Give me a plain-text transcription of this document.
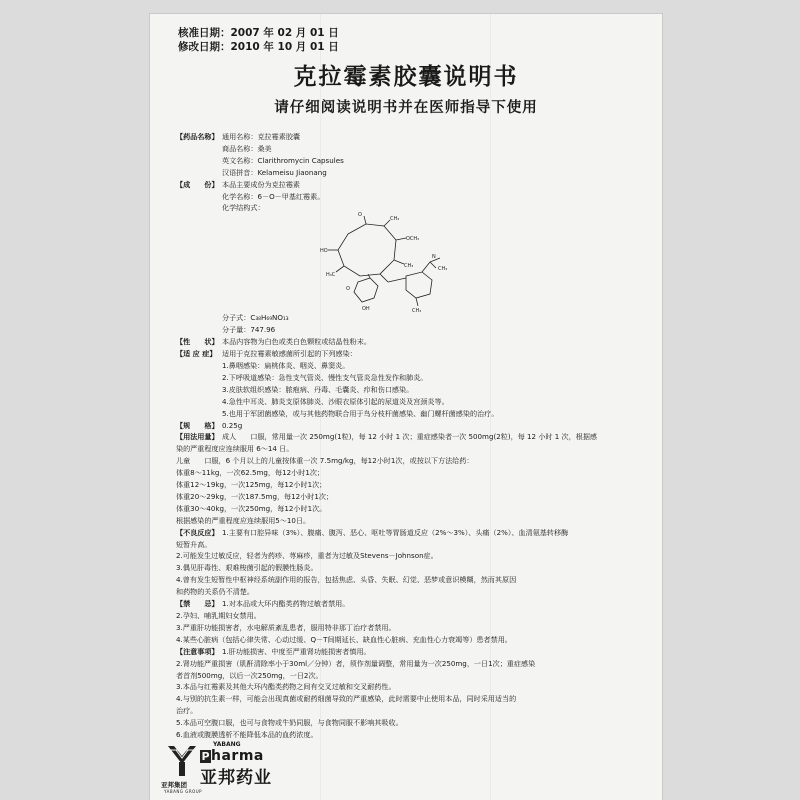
核准日期：2007 年 02 月 01 日
修改日期：2010 年 10 月 01 日
克拉霉素胶囊说明书
请仔细阅读说明书并在医师指导下使用
【药品名称】 通用名称：克拉霉素胶囊
商品名称：桑美
英文名称：Clarithromycin Capsules
汉语拼音：Kelameisu Jiaonang
【成　　份】 本品主要成份为克拉霉素
化学名称：6－O－甲基红霉素。
化学结构式：
O
CH₃
OCH₃
CH₃
HO
H₃C
O
OH
N
CH₃
CH₃
分子式：C₃₈H₆₉NO₁₃
分子量：747.96
【性　　状】 本品内容物为白色或类白色颗粒或结晶性粉末。
【适 应 症】 适用于克拉霉素敏感菌所引起的下列感染：
1.鼻咽感染：扁桃体炎、咽炎、鼻窦炎。
2.下呼吸道感染：急性支气管炎、慢性支气管炎急性发作和肺炎。
3.皮肤软组织感染：脓疱病、丹毒、毛囊炎、疖和伤口感染。
4.急性中耳炎、肺炎支原体肺炎、沙眼衣原体引起的尿道炎及宫颈炎等。
5.也用于军团菌感染，或与其他药物联合用于鸟分枝杆菌感染、幽门螺杆菌感染的治疗。
【规　　格】 0.25g
【用法用量】 成人　　口服，常用量一次 250mg(1粒)，每 12 小时 1 次；重症感染者一次 500mg(2粒)，每 12 小时 1 次，根据感
染的严重程度应连续服用 6～14 日。
儿童　　口服，6 个月以上的儿童按体重一次 7.5mg/kg，每12小时1次，或按以下方法给药：
体重8～11kg，一次62.5mg，每12小时1次；
体重12～19kg，一次125mg，每12小时1次；
体重20～29kg，一次187.5mg，每12小时1次；
体重30～40kg，一次250mg，每12小时1次。
根据感染的严重程度应连续服用5～10日。
【不良反应】 1.主要有口腔异味（3%）、腹痛、腹泻、恶心、呕吐等胃肠道反应（2%～3%）、头痛（2%）、血清氨基转移酶
短暂升高。
2.可能发生过敏反应，轻者为药疹、荨麻疹，重者为过敏及Stevens－Johnson症。
3.偶见肝毒性、艰难梭菌引起的假膜性肠炎。
4.曾有发生短暂性中枢神经系统副作用的报告，包括焦虑、头昏、失眠、幻觉、恶梦或意识模糊，然而其原因
和药物的关系仍不清楚。
【禁　　忌】 1.对本品或大环内酯类药物过敏者禁用。
2.孕妇、哺乳期妇女禁用。
3.严重肝功能损害者，水电解质紊乱患者，服用特非那丁治疗者禁用。
4.某些心脏病（包括心律失常、心动过缓、Q－T间期延长、缺血性心脏病、充血性心力衰竭等）患者禁用。
【注意事项】 1.肝功能损害、中度至严重肾功能损害者慎用。
2.肾功能严重损害（肌酐清除率小于30ml／分钟）者，须作剂量调整，常用量为一次250mg，一日1次；重症感染
者首剂500mg，以后一次250mg，一日2次。
3.本品与红霉素及其他大环内酯类药物之间有交叉过敏和交叉耐药性。
4.与别的抗生素一样，可能会出现真菌或耐药细菌导致的严重感染，此时需要中止使用本品，同时采用适当的
治疗。
5.本品可空腹口服，也可与食物或牛奶同服，与食物同服不影响其吸收。
6.血液或腹膜透析不能降低本品的血药浓度。
亚邦集团
YABANG GROUP
YABANG
P harma
亚邦药业
